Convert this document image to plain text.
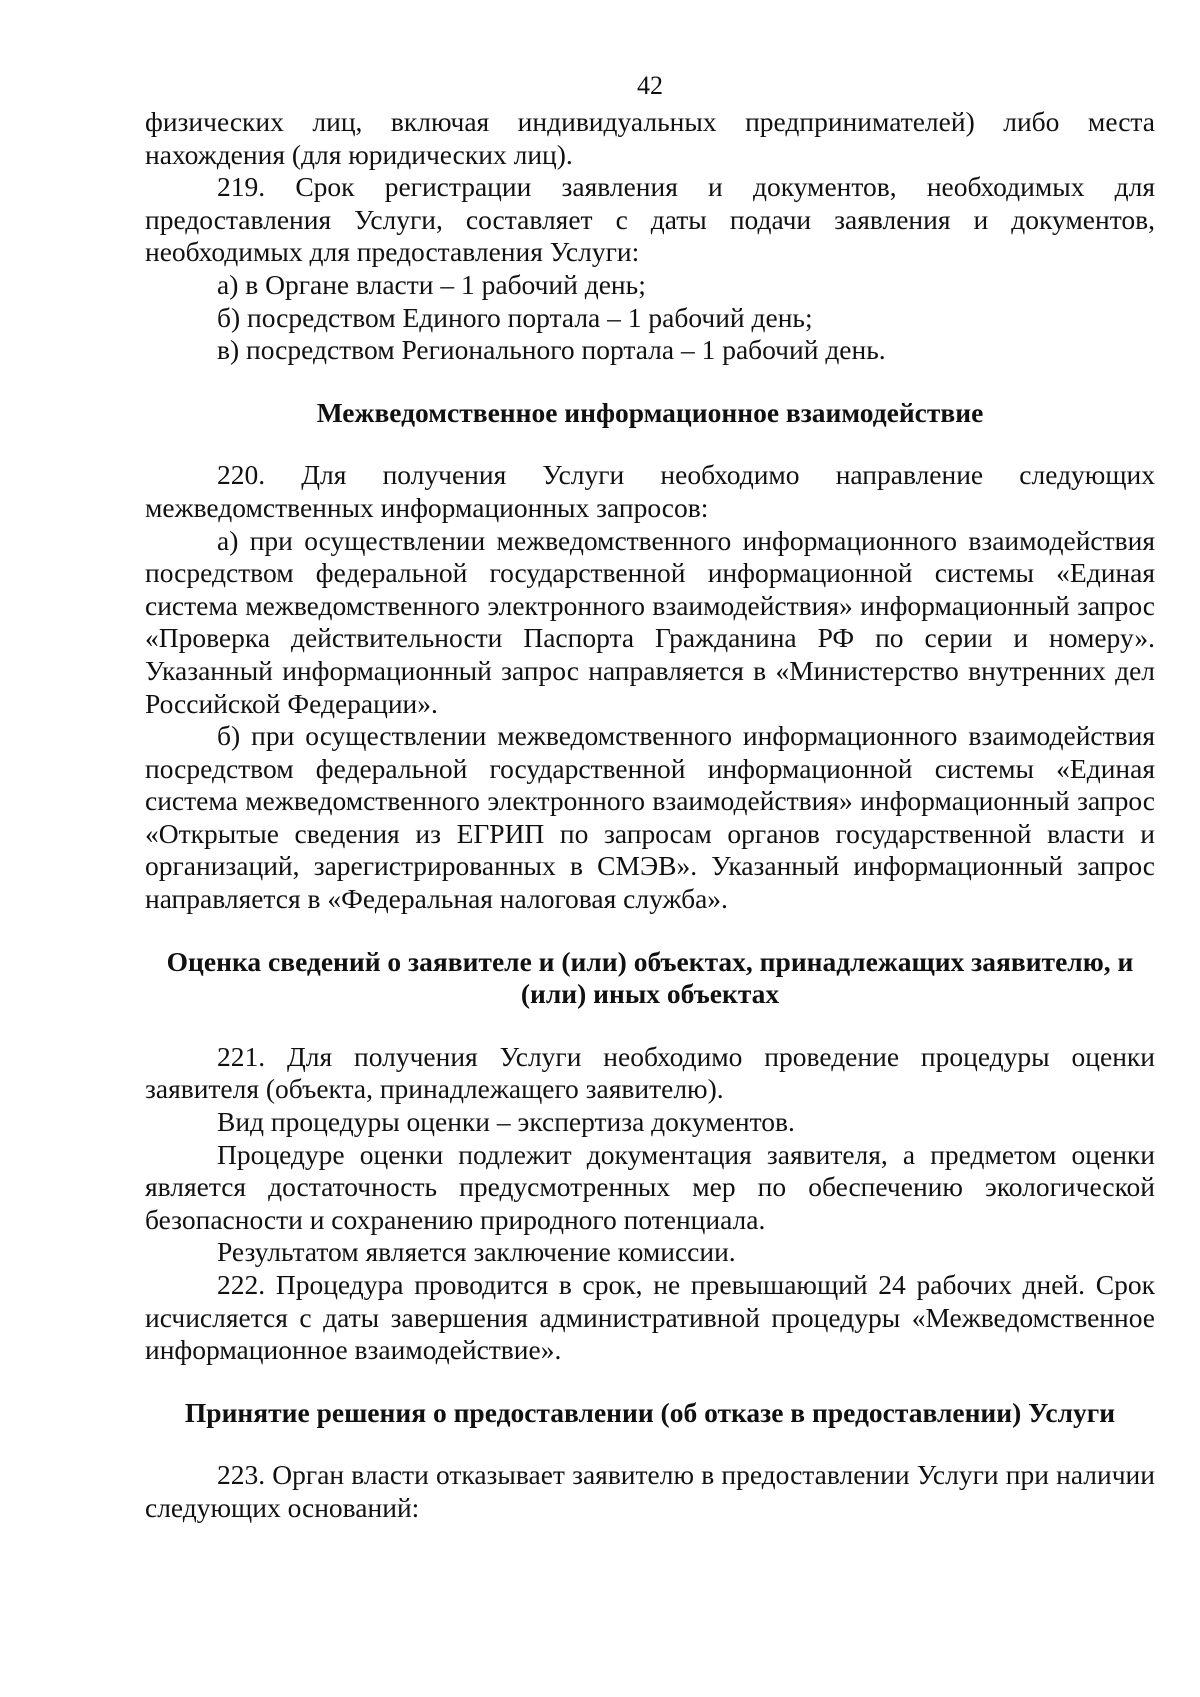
42

физических лиц, включая индивидуальных предпринимателей) либо места нахождения (для юридических лиц).

219. Срок регистрации заявления и документов, необходимых для предоставления Услуги, составляет с даты подачи заявления и документов, необходимых для предоставления Услуги:

а) в Органе власти – 1 рабочий день;

б) посредством Единого портала – 1 рабочий день;

в) посредством Регионального портала – 1 рабочий день.

Межведомственное информационное взаимодействие

220. Для получения Услуги необходимо направление следующих межведомственных информационных запросов:

а) при осуществлении межведомственного информационного взаимодействия посредством федеральной государственной информационной системы «Единая система межведомственного электронного взаимодействия» информационный запрос «Проверка действительности Паспорта Гражданина РФ по серии и номеру». Указанный информационный запрос направляется в «Министерство внутренних дел Российской Федерации».

б) при осуществлении межведомственного информационного взаимодействия посредством федеральной государственной информационной системы «Единая система межведомственного электронного взаимодействия» информационный запрос «Открытые сведения из ЕГРИП по запросам органов государственной власти и организаций, зарегистрированных в СМЭВ». Указанный информационный запрос направляется в «Федеральная налоговая служба».

Оценка сведений о заявителе и (или) объектах, принадлежащих заявителю, и (или) иных объектах

221. Для получения Услуги необходимо проведение процедуры оценки заявителя (объекта, принадлежащего заявителю).

Вид процедуры оценки – экспертиза документов.

Процедуре оценки подлежит документация заявителя, а предметом оценки является достаточность предусмотренных мер по обеспечению экологической безопасности и сохранению природного потенциала.

Результатом является заключение комиссии.

222. Процедура проводится в срок, не превышающий 24 рабочих дней. Срок исчисляется с даты завершения административной процедуры «Межведомственное информационное взаимодействие».

Принятие решения о предоставлении (об отказе в предоставлении) Услуги

223. Орган власти отказывает заявителю в предоставлении Услуги при наличии следующих оснований:
